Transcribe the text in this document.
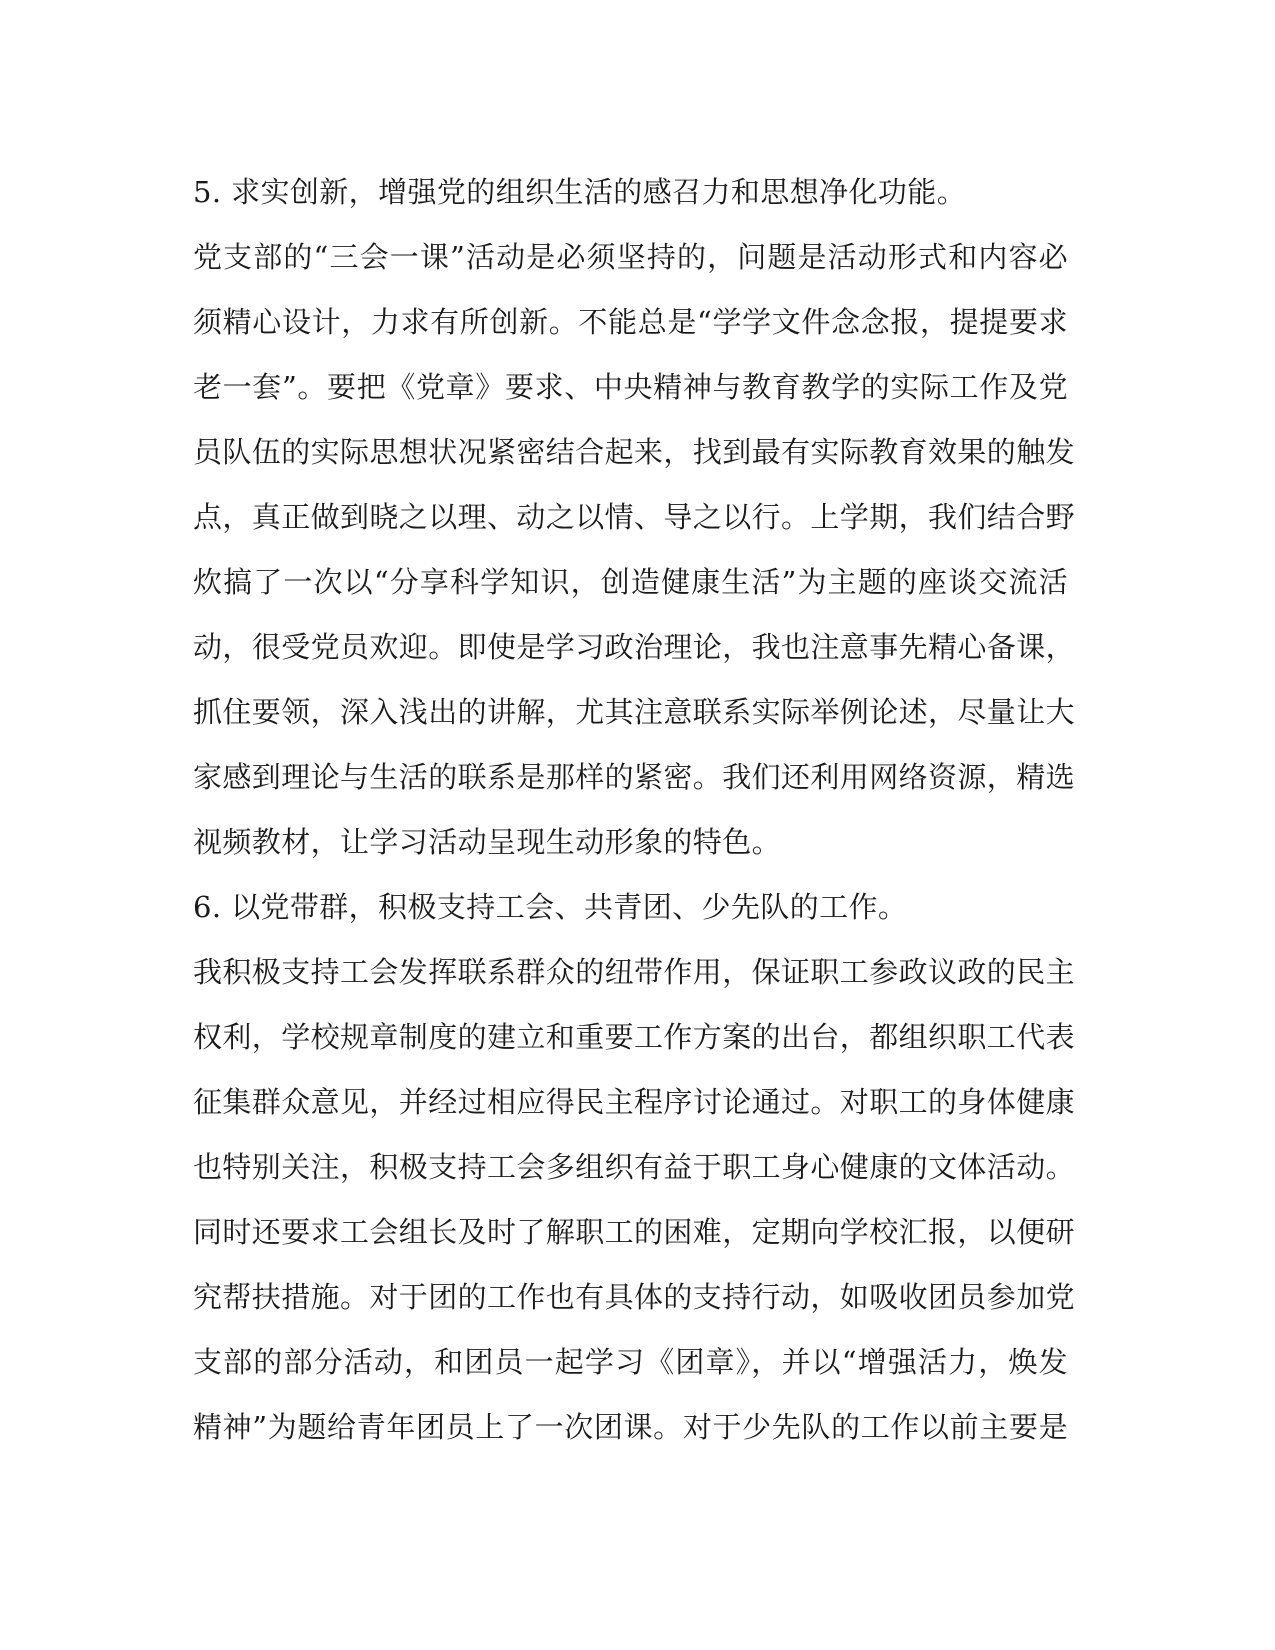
5. 求实创新，增强党的组织生活的感召力和思想净化功能。
党支部的“三会一课”活动是必须坚持的，问题是活动形式和内容必
须精心设计，力求有所创新。不能总是“学学文件念念报，提提要求
老一套”。要把《党章》要求、中央精神与教育教学的实际工作及党
员队伍的实际思想状况紧密结合起来，找到最有实际教育效果的触发
点，真正做到晓之以理、动之以情、导之以行。上学期，我们结合野
炊搞了一次以“分享科学知识，创造健康生活”为主题的座谈交流活
动，很受党员欢迎。即使是学习政治理论，我也注意事先精心备课，
抓住要领，深入浅出的讲解，尤其注意联系实际举例论述，尽量让大
家感到理论与生活的联系是那样的紧密。我们还利用网络资源，精选
视频教材，让学习活动呈现生动形象的特色。
6. 以党带群，积极支持工会、共青团、少先队的工作。
我积极支持工会发挥联系群众的纽带作用，保证职工参政议政的民主
权利，学校规章制度的建立和重要工作方案的出台，都组织职工代表
征集群众意见，并经过相应得民主程序讨论通过。对职工的身体健康
也特别关注，积极支持工会多组织有益于职工身心健康的文体活动。
同时还要求工会组长及时了解职工的困难，定期向学校汇报，以便研
究帮扶措施。对于团的工作也有具体的支持行动，如吸收团员参加党
支部的部分活动，和团员一起学习《团章》，并以“增强活力，焕发
精神”为题给青年团员上了一次团课。对于少先队的工作以前主要是
